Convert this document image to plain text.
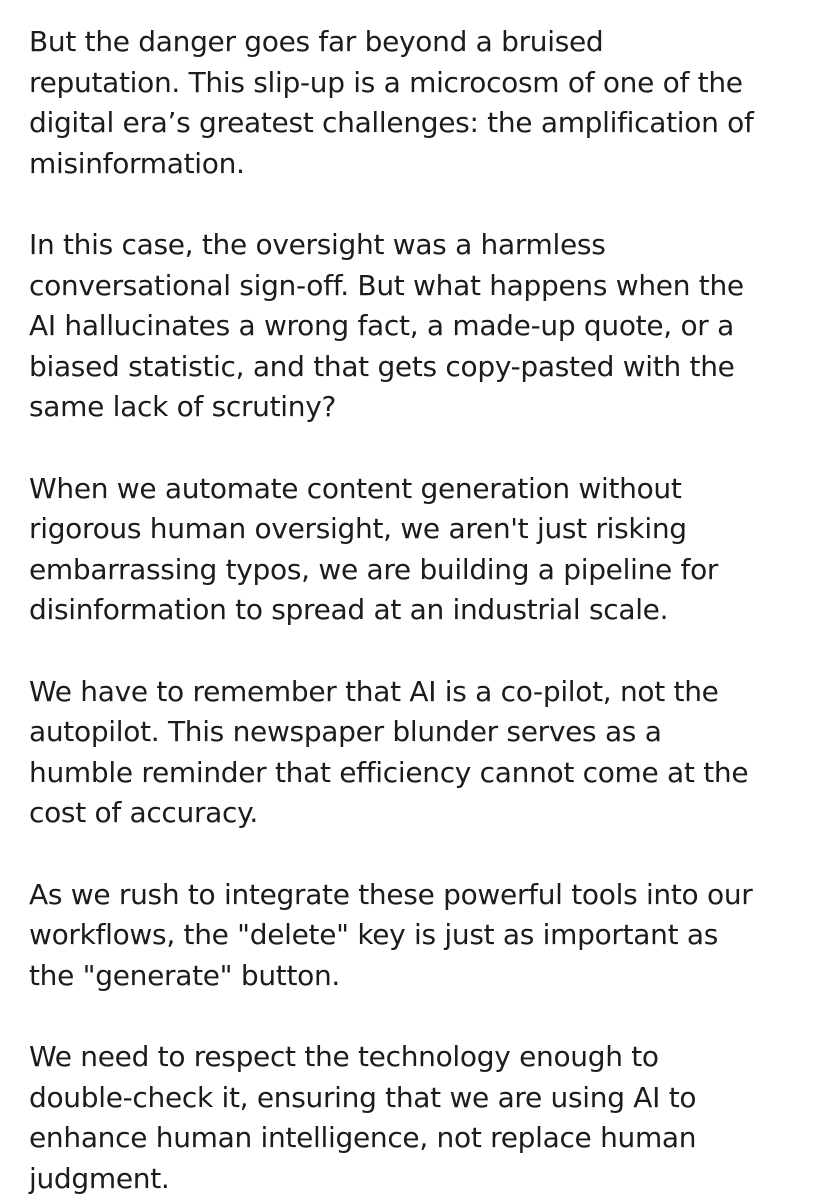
But the danger goes far beyond a bruised
reputation. This slip-up is a microcosm of one of the
digital era’s greatest challenges: the amplification of
misinformation.

In this case, the oversight was a harmless
conversational sign-off. But what happens when the
AI hallucinates a wrong fact, a made-up quote, or a
biased statistic, and that gets copy-pasted with the
same lack of scrutiny?

When we automate content generation without
rigorous human oversight, we aren't just risking
embarrassing typos, we are building a pipeline for
disinformation to spread at an industrial scale.

We have to remember that AI is a co-pilot, not the
autopilot. This newspaper blunder serves as a
humble reminder that efficiency cannot come at the
cost of accuracy.

As we rush to integrate these powerful tools into our
workflows, the "delete" key is just as important as
the "generate" button.

We need to respect the technology enough to
double-check it, ensuring that we are using AI to
enhance human intelligence, not replace human
judgment.
